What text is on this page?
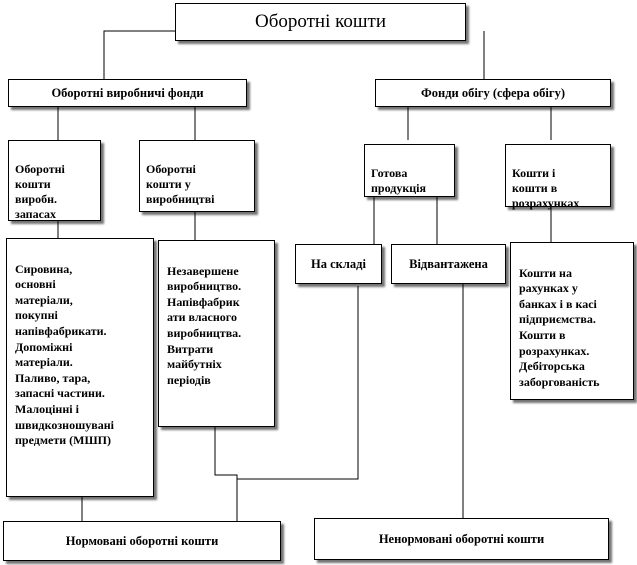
Оборотні кошти
Оборотні виробничі фонди	Фонди обігу (сфера обігу)

Оборотні
кошти
виробн.
запасах

Оборотні
кошти у
виробництві

Готова
продукція

Кошти і
кошти в
розрахунках

Сировина,
основні
матеріали,
покупні
напівфабрикати.
Допоміжні
матеріали.
Паливо, тара,
запасні частини.
Малоцінні і
швидкозношувані
предмети (МШП)

Незавершене
виробництво.
Напівфабрик
ати власного
виробництва.
Витрати
майбутніх
періодів

На складі	Відвантажена

Кошти на
рахунках у
банках і в касі
підприємства.
Кошти в
розрахунках.
Дебіторська
заборгованість

Нормовані оборотні кошти	Ненормовані оборотні кошти
